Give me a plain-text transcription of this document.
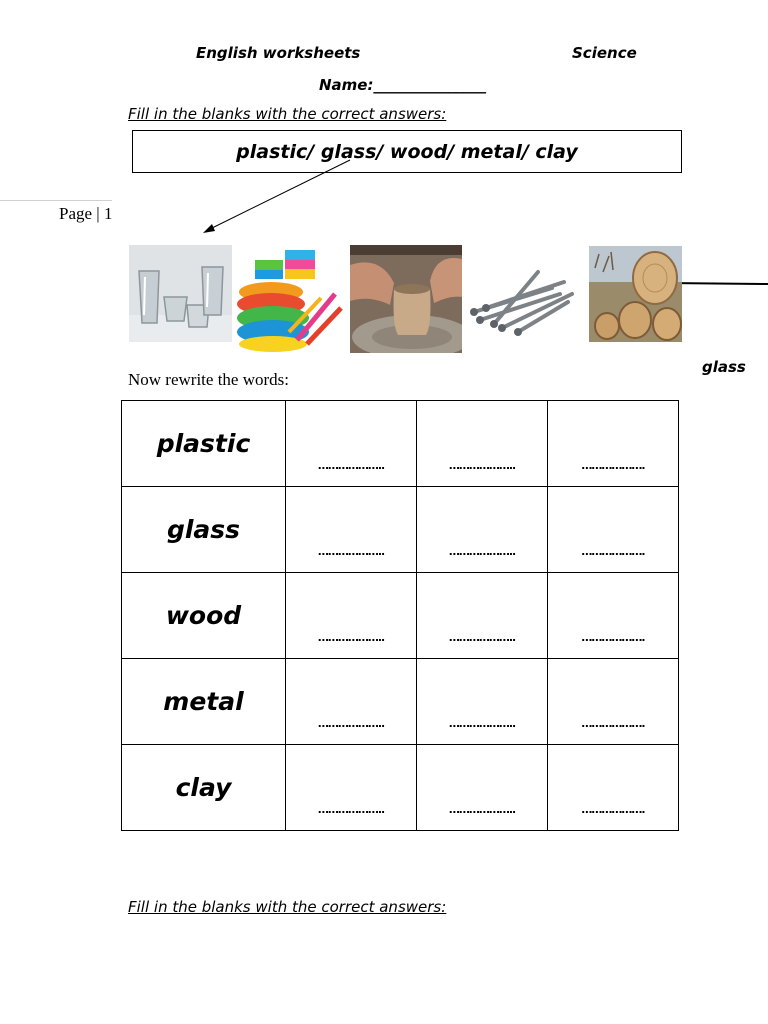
English worksheets	Science
Name:_______________
Fill in the blanks with the correct answers:
plastic/ glass/ wood/ metal/ clay
Page | 1
glass
Now rewrite the words:
plastic	………………..	………………..	……………….
glass	………………..	………………..	……………….
wood	………………..	………………..	……………….
metal	………………..	………………..	……………….
clay	………………..	………………..	……………….
Fill in the blanks with the correct answers:
